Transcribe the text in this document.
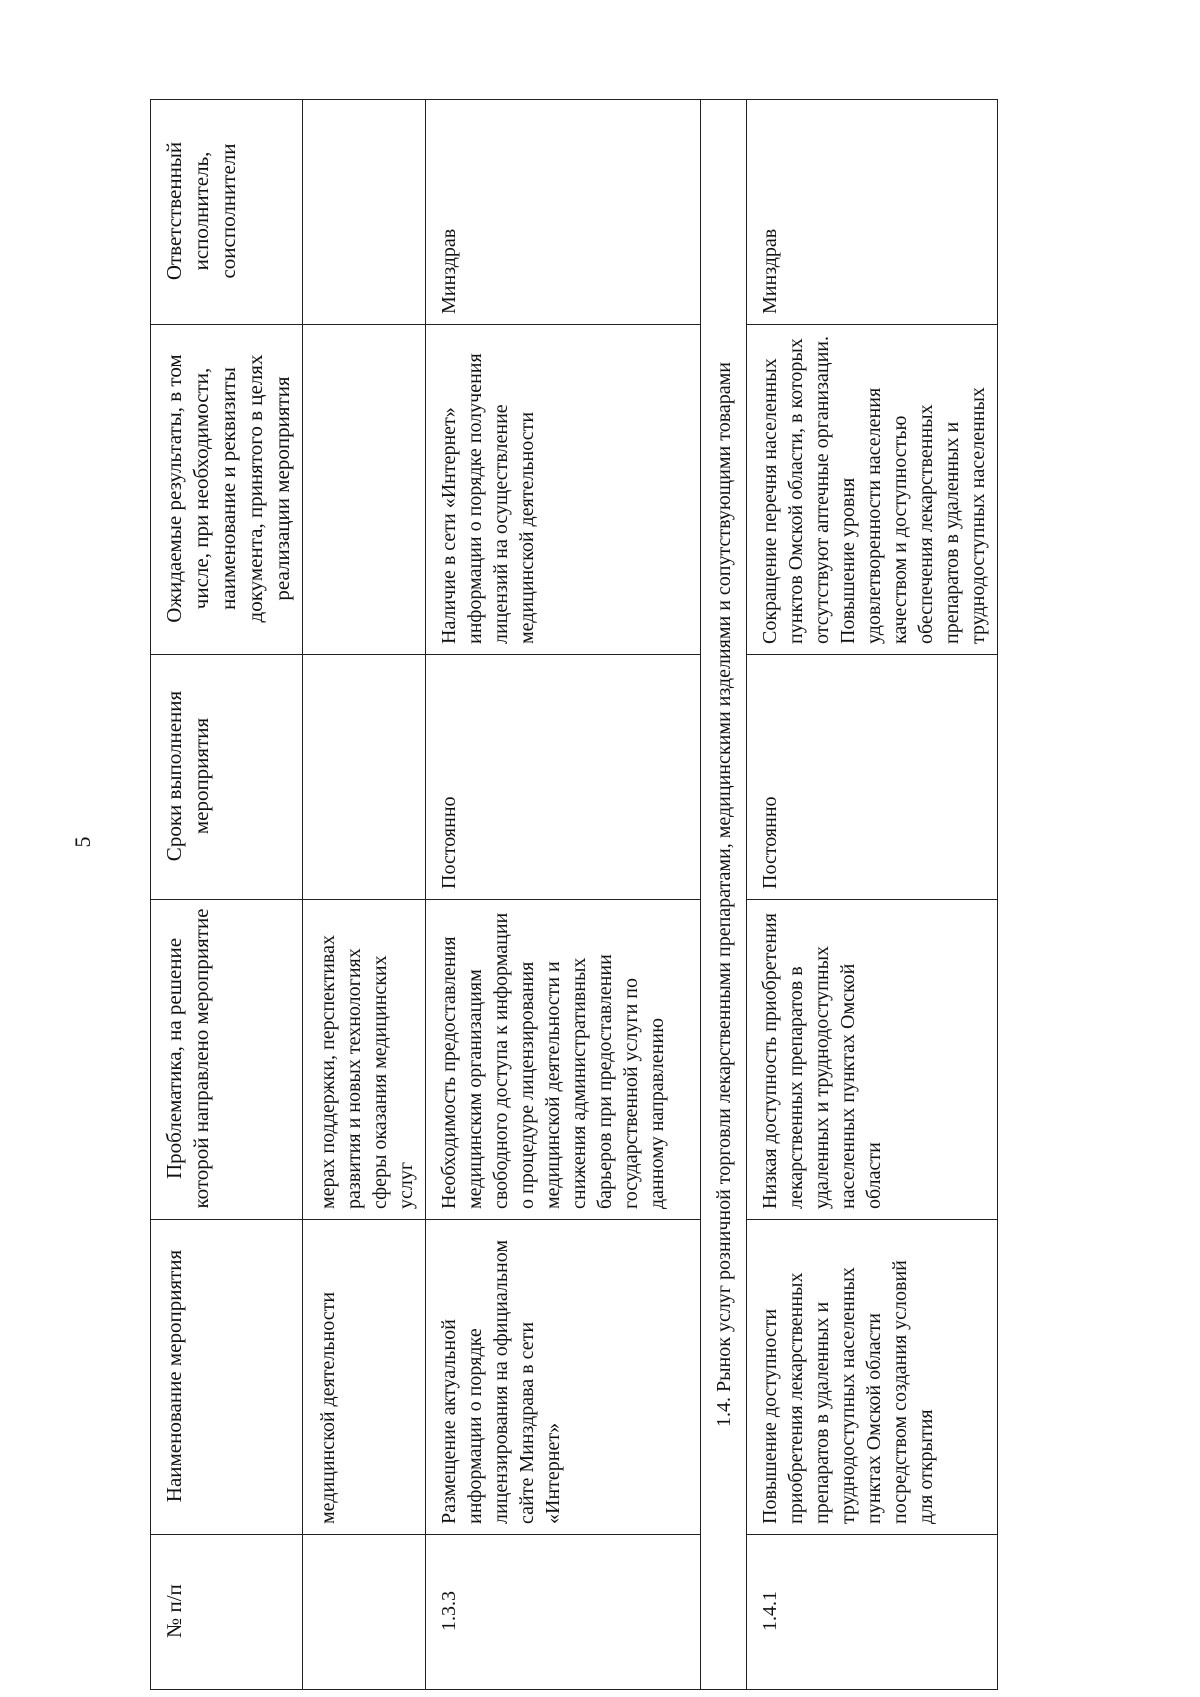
5
№ п/п	Наименование мероприятия	Проблематика, на решение которой направлено мероприятие	Сроки выполнения мероприятия	Ожидаемые результаты, в том числе, при необходимости, наименование и реквизиты документа, принятого в целях реализации мероприятия	Ответственный исполнитель, соисполнители
	медицинской деятельности	мерах поддержки, перспективах развития и новых технологиях сферы оказания медицинских услуг			
1.3.3	Размещение актуальной информации о порядке лицензирования на официальном сайте Минздрава в сети «Интернет»	Необходимость предоставления медицинским организациям свободного доступа к информации о процедуре лицензирования медицинской деятельности и снижения административных барьеров при предоставлении государственной услуги по данному направлению	Постоянно	Наличие в сети «Интернет» информации о порядке получения лицензий на осуществление медицинской деятельности	Минздрав
1.4. Рынок услуг розничной торговли лекарственными препаратами, медицинскими изделиями и сопутствующими товарами					
1.4.1	Повышение доступности приобретения лекарственных препаратов в удаленных и труднодоступных населенных пунктах Омской области посредством создания условий для открытия	Низкая доступность приобретения лекарственных препаратов в удаленных и труднодоступных населенных пунктах Омской области	Постоянно	Сокращение перечня населенных пунктов Омской области, в которых отсутствуют аптечные организации. Повышение уровня удовлетворенности населения качеством и доступностью обеспечения лекарственных препаратов в удаленных и труднодоступных населенных	Минздрав
